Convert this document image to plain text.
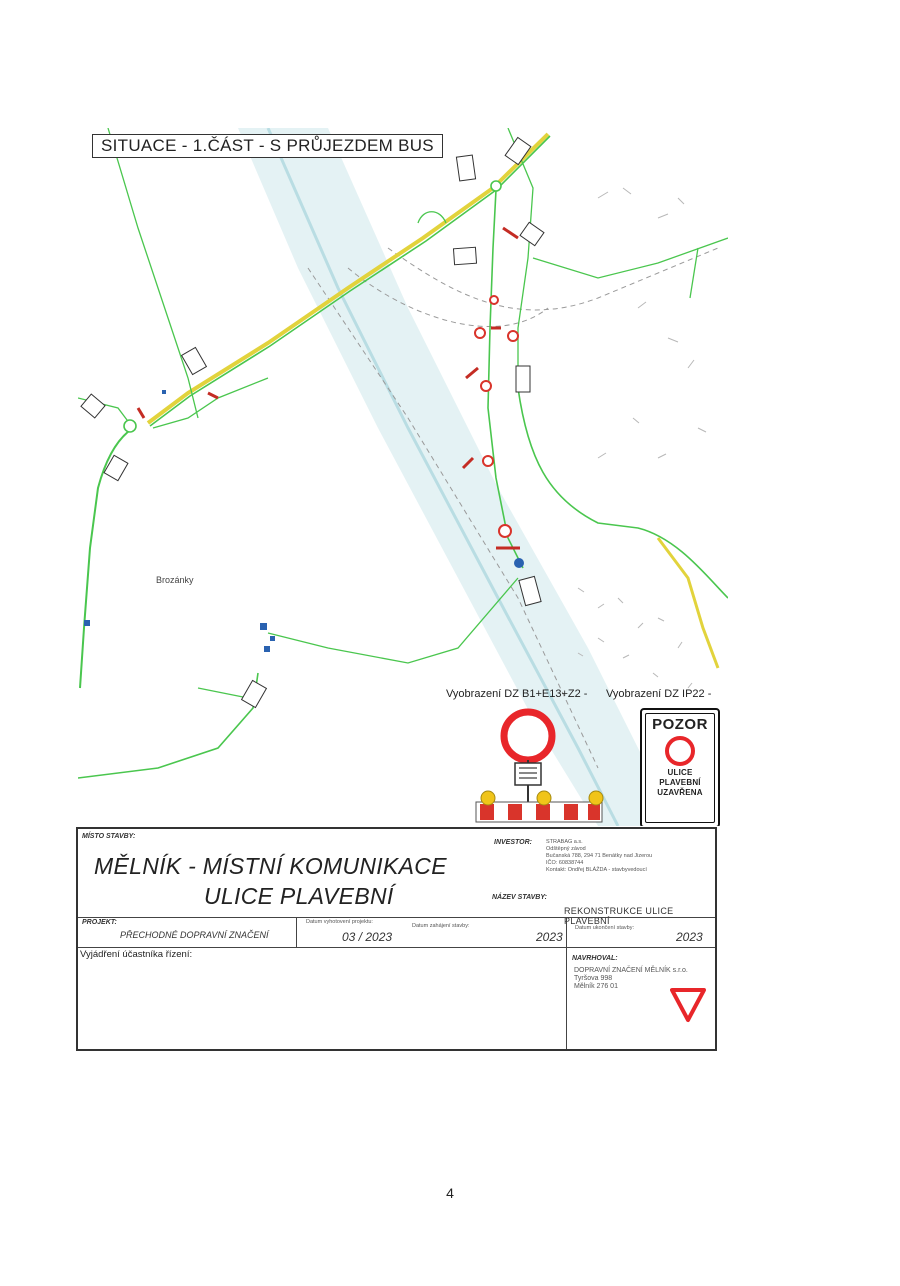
SITUACE - 1.ČÁST - S PRŮJEZDEM BUS
Brozánky
Vyobrazení DZ B1+E13+Z2 - Vyobrazení DZ IP22 -
POZOR
ULICE
PLAVEBNÍ
UZAVŘENA
MÍSTO STAVBY:
MĚLNÍK - MÍSTNÍ KOMUNIKACE
ULICE PLAVEBNÍ
INVESTOR:	STRABAG a.s.
Odštěpný závod
Bučanská 788, 294 71 Benátky nad Jizerou
IČO: 60838744
Kontakt: Ondřej BLÁŽDA - stavbyvedoucí
NÁZEV STAVBY:
REKONSTRUKCE ULICE PLAVEBNÍ
PROJEKT:
PŘECHODNÉ DOPRAVNÍ ZNAČENÍ
Datum vyhotovení projektu:
03 / 2023
Datum zahájení stavby:
2023
Datum ukončení stavby:
2023
Vyjádření účastníka řízení:	NAVRHOVAL:
DOPRAVNÍ ZNAČENÍ MĚLNÍK s.r.o.
Tyršova 998
Mělník 276 01
4
